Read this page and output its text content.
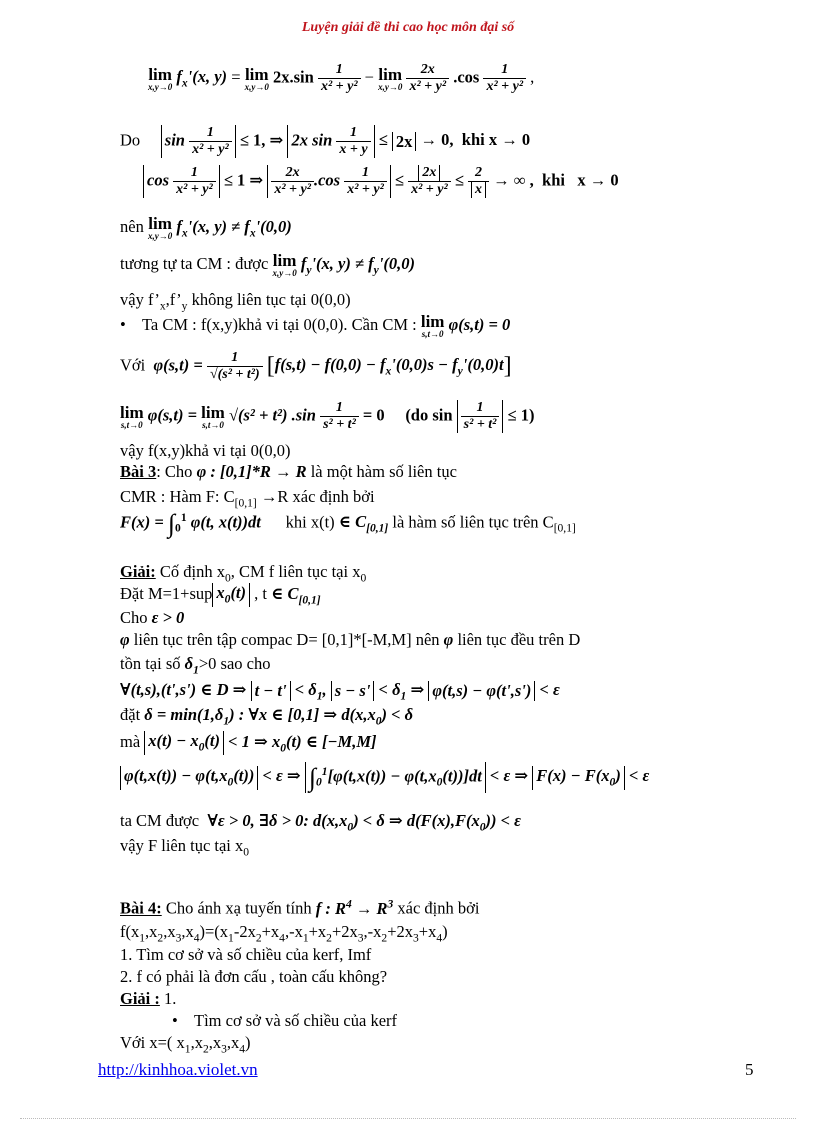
Luyện giải đề thi cao học môn đại số
lim
x,y→0
$f_x'(x$, y) = lim
x,y→0
$2x.\sin \frac{1}{\text{x² + y²}} - \lim$
x,y→0
$\frac{2x}{\text{x² + y²}} .\cos \frac{1}{\text{x² + y²}}$ ,
Do $\sin \frac{1}{\text{x² + y²}} \le 1$, ⇒ 2x $\sin \frac{1}{x + y} \le 2x \to 0$,  khi x → 0
$\cos \frac{1}{\text{x² + y²}} \le 1$ ⇒ $\frac{2x}{\text{x² + y²}} .\cos \frac{1}{\text{x² + y²}} \le \frac{2x}{\text{x² + y²}} \le \frac{2}{x}$ → ∞ ,  khi   x → 0
nên lim
x,y→0
$f_x'(x$, $y) \ne f_x'(0,0)$
tương tự ta CM : được lim
x,y→0
$f_y'(x$, $y) \ne f_y'(0,0)$
vậy $f’_x,f’_y$ không liên tục tại 0(0,0)
• Ta CM : f(x,y)khả vi tại 0(0,0). Cần CM : lim
s,t→0
φ(s,t) = 0
Với $\varphi(s,t) = \frac{1}{\text{√(s² + t²)}} [f(s,t) - f(0,0) - f_x'(0,0)s - f_y'(0,0)t]$
lim
s,t→0
φ(s,t) = lim
s,t→0
√(s² + t²) $.\sin \frac{1}{\text{s² + t²}} = 0$ (do $\sin \frac{1}{\text{s² + t²}} \le 1$)
vậy f(x,y)khả vi tại 0(0,0)
Bài 3: Cho φ : [0,1]*R → R là một hàm số liên tục
CMR : Hàm F: $C_{[0,1]} \to R$ xác định bởi
$F(x) = \int_0^1$ φ(t, x(t))dt      khi x(t) ∈ $C_{[0,1]}$ là hàm số liên tục trên $C_{[0,1]}$
Giải: Cố định $x_0$, CM f liên tục tại $x_0$
Đặt M=1+sup $x_0(t)$ , t ∈ $C_{[0,1]}$
Cho ε > 0
φ liên tục trên tập compac D= [0,1]*[-M,M] nên φ liên tục đều trên D
tồn tại số $\delta_1>0$ sao cho
∀(t,s),(t',s') ∈ D ⇒ $t - t' < \delta_1$, $s - s' < \delta_1$ ⇒ φ(t,s) − φ(t',s') < ε
đặt $\delta = \min(1,\delta_1)$ : ∀x ∈ [0,1] ⇒ $d(x,x_0) < \delta$
mà $x(t) - x_0(t) < 1$ ⇒ $x_0(t)$ ∈ [−M,M]
$\varphi(t,x(t)) - \varphi(t,x_0(t)) < \varepsilon$ ⇒ $\int_0^1[\varphi(t,x(t)) - \varphi(t,x_0(t))]dt < \varepsilon$ ⇒ $F(x) - F(x_0) < \varepsilon$
ta CM được  ∀ε > 0, ∃δ > 0: $d(x,x_0) < \delta$ ⇒ $d(F(x),F(x_0)) < \varepsilon$
vậy F liên tục tại $x_0$
Bài 4: Cho ánh xạ tuyến tính f : $R^4 \to R^3$ xác định bởi
$f(x_1,x_2,x_3,x_4)=(x_1-2x_2+x_4,-x_1+x_2+2x_3,-x_2+2x_3+x_4)$
1. Tìm cơ sở và số chiều của kerf, Imf
2. f có phải là đơn cấu , toàn cấu không?
Giải : 1.
• Tìm cơ sở và số chiều của kerf
Với x=( $x_1,x_2,x_3,x_4$)
http://kinhhoa.violet.vn	5
